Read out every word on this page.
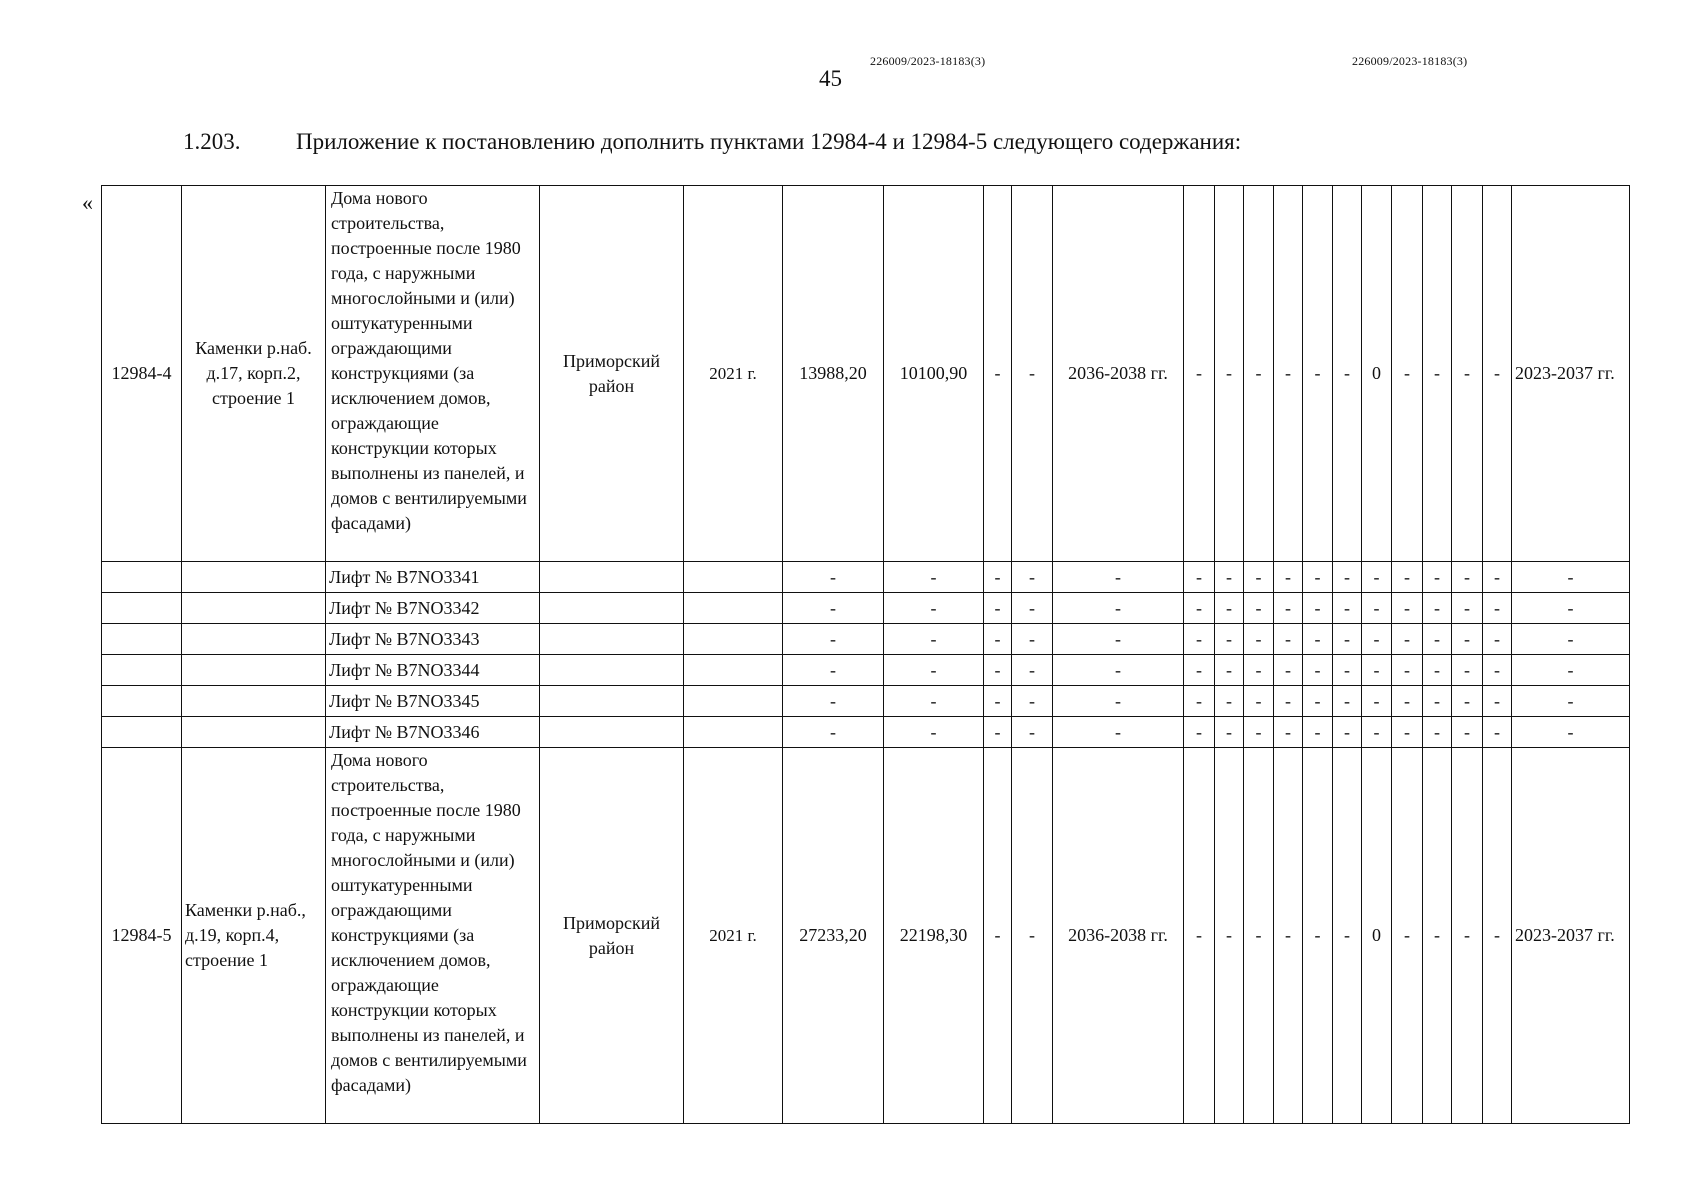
226009/2023-18183(3)	226009/2023-18183(3)
45
1.203. Приложение к постановлению дополнить пунктами 12984-4 и 12984-5 следующего содержания:
«
12984-4	Каменки р.наб. д.17, корп.2, строение 1	Дома нового строительства, построенные после 1980 года, с наружными многослойными и (или) оштукатуренными ограждающими конструкциями (за исключением домов, ограждающие конструкции которых выполнены из панелей, и домов с вентилируемыми фасадами)	Приморский район	2021 г.	13988,20	10100,90	-	-	2036-2038 гг.	-	-	-	-	-	-	0	-	-	-	-	2023-2037 гг.
		Лифт № B7NO3341			-	-	-	-	-	-	-	-	-	-	-	-	-	-	-	-	-
		Лифт № B7NO3342			-	-	-	-	-	-	-	-	-	-	-	-	-	-	-	-	-
		Лифт № B7NO3343			-	-	-	-	-	-	-	-	-	-	-	-	-	-	-	-	-
		Лифт № B7NO3344			-	-	-	-	-	-	-	-	-	-	-	-	-	-	-	-	-
		Лифт № B7NO3345			-	-	-	-	-	-	-	-	-	-	-	-	-	-	-	-	-
		Лифт № B7NO3346			-	-	-	-	-	-	-	-	-	-	-	-	-	-	-	-	-
12984-5	Каменки р.наб., д.19, корп.4, строение 1	Дома нового строительства, построенные после 1980 года, с наружными многослойными и (или) оштукатуренными ограждающими конструкциями (за исключением домов, ограждающие конструкции которых выполнены из панелей, и домов с вентилируемыми фасадами)	Приморский район	2021 г.	27233,20	22198,30	-	-	2036-2038 гг.	-	-	-	-	-	-	0	-	-	-	-	2023-2037 гг.
